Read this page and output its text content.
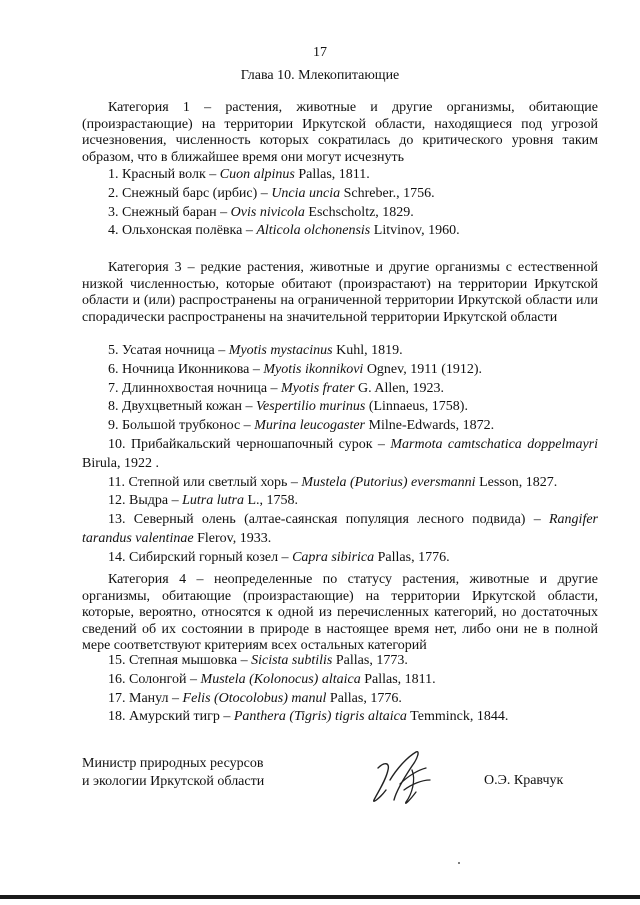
17
Глава 10. Млекопитающие

Категория 1 – растения, животные и другие организмы, обитающие (произрастающие) на территории Иркутской области, находящиеся под угрозой исчезновения, численность которых сократилась до критического уровня таким образом, что в ближайшее время они могут исчезнуть

1. Красный волк – Cuon alpinus Pallas, 1811.
2. Снежный барс (ирбис) – Uncia uncia Schreber., 1756.
3. Снежный баран – Ovis nivicola Eschscholtz, 1829.
4. Ольхонская полёвка – Alticola olchonensis Litvinov, 1960.

Категория 3 – редкие растения, животные и другие организмы с естественной низкой численностью, которые обитают (произрастают) на территории Иркутской области и (или) распространены на ограниченной территории Иркутской области или спорадически распространены на значительной территории Иркутской области

5. Усатая ночница – Myotis mystacinus Kuhl, 1819.
6. Ночница Иконникова – Myotis ikonnikovi Ognev, 1911 (1912).
7. Длиннохвостая ночница – Myotis frater G. Allen, 1923.
8. Двухцветный кожан – Vespertilio murinus (Linnaeus, 1758).
9. Большой трубконос – Murina leucogaster Milne-Edwards, 1872.
10. Прибайкальский черношапочный сурок – Marmota camtschatica doppelmayri Birula, 1922 .
11. Степной или светлый хорь – Mustela (Putorius) eversmanni Lesson, 1827.
12. Выдра – Lutra lutra L., 1758.
13. Северный олень (алтае-саянская популяция лесного подвида) – Rangifer tarandus valentinae Flerov, 1933.
14. Сибирский горный козел – Capra sibirica Pallas, 1776.

Категория 4 – неопределенные по статусу растения, животные и другие организмы, обитающие (произрастающие) на территории Иркутской области, которые, вероятно, относятся к одной из перечисленных категорий, но достаточных сведений об их состоянии в природе в настоящее время нет, либо они не в полной мере соответствуют критериям всех остальных категорий

15. Степная мышовка – Sicista subtilis Pallas, 1773.
16. Солонгой – Mustela (Kolonocus) altaica Pallas, 1811.
17. Манул – Felis (Otocolobus) manul Pallas, 1776.
18. Амурский тигр – Panthera (Tigris) tigris altaica Temminck, 1844.
Министр природных ресурсов
и экологии Иркутской области	О.Э. Кравчук
